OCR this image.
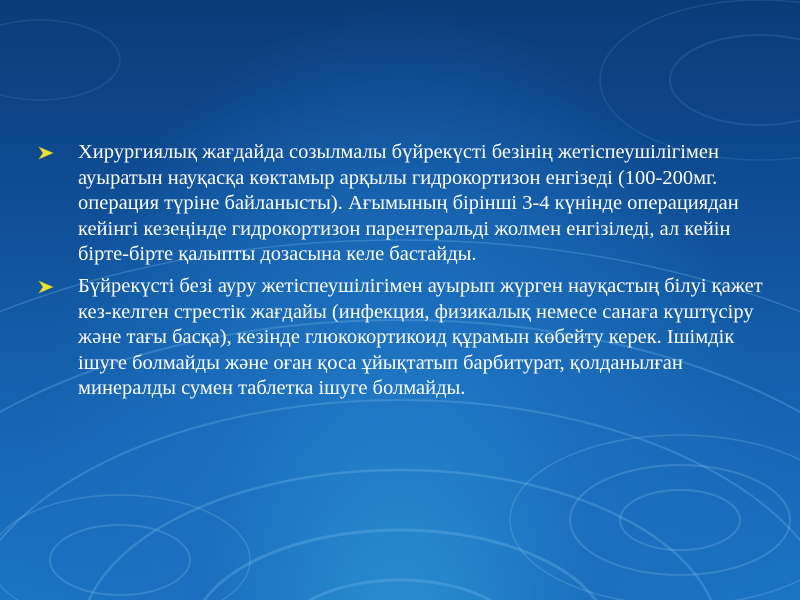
Хирургиялық жағдайда созылмалы бүйрекүсті безінің жетіспеушілігімен ауыратын науқасқа көктамыр арқылы гидрокортизон енгізеді (100-200мг. операция түріне байланысты). Ағымының бірінші 3-4 күнінде операциядан кейінгі кезеңінде гидрокортизон парентеральді жолмен енгізіледі, ал кейін бірте-бірте қалыпты дозасына келе бастайды.
Бүйрекүсті безі ауру жетіспеушілігімен ауырып жүрген науқастың білуі қажет кез-келген стрестік жағдайы (инфекция, физикалық немесе санаға күштүсіру және тағы басқа), кезінде глюкокортикоид құрамын көбейту керек. Ішімдік ішуге болмайды және оған қоса ұйықтатып барбитурат, қолданылған минералды сумен таблетка ішуге болмайды.
